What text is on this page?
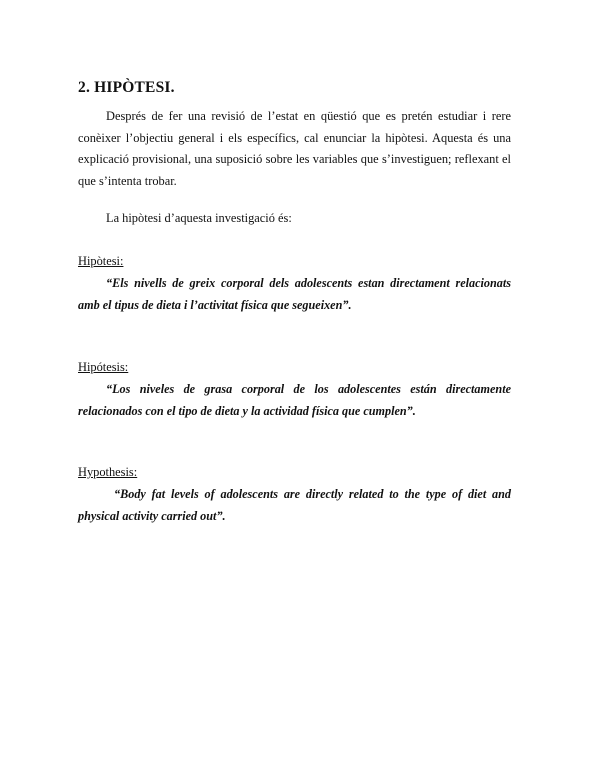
2. HIPÒTESI.

Després de fer una revisió de l’estat en qüestió que es pretén estudiar i rere conèixer l’objectiu general i els específics, cal enunciar la hipòtesi. Aquesta és una explicació provisional, una suposició sobre les variables que s’investiguen; reflexant el que s’intenta trobar.

La hipòtesi d’aquesta investigació és:

Hipòtesi:

“Els nivells de greix corporal dels adolescents estan directament relacionats amb el tipus de dieta i l’activitat física que segueixen”.

Hipótesis:

“Los niveles de grasa corporal de los adolescentes están directamente relacionados con el tipo de dieta y la actividad física que cumplen”.

Hypothesis:

“Body fat levels of adolescents are directly related to the type of diet and physical activity carried out”.
